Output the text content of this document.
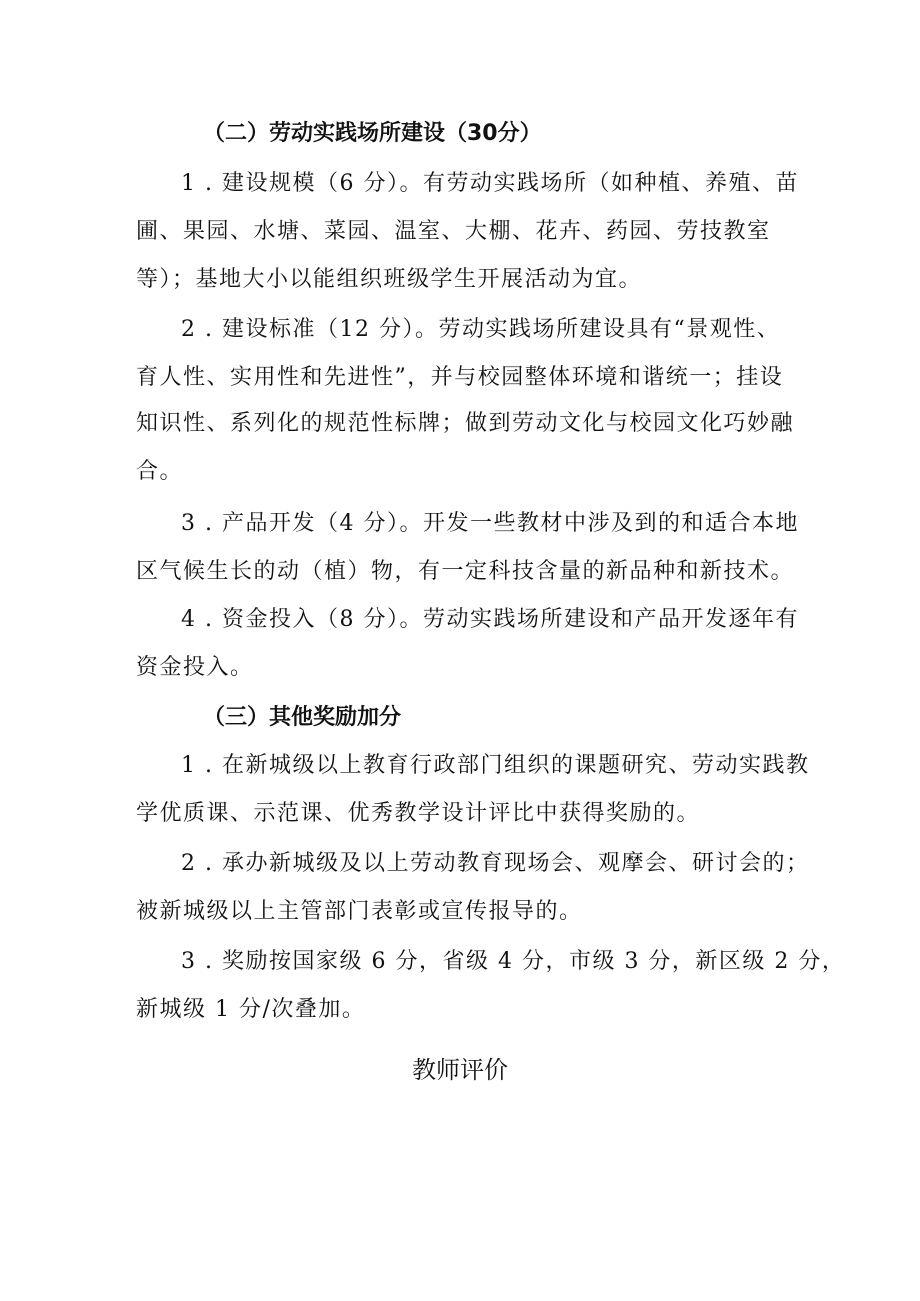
（二）劳动实践场所建设（30分）
1 . 建设规模（6 分）。有劳动实践场所（如种植、养殖、苗
圃、果园、水塘、菜园、温室、大棚、花卉、药园、劳技教室
等）；基地大小以能组织班级学生开展活动为宜。
2 . 建设标准（12 分）。劳动实践场所建设具有“景观性、
育人性、实用性和先进性”，并与校园整体环境和谐统一；挂设
知识性、系列化的规范性标牌；做到劳动文化与校园文化巧妙融
合。
3 . 产品开发（4 分）。开发一些教材中涉及到的和适合本地
区气候生长的动（植）物，有一定科技含量的新品种和新技术。
4 . 资金投入（8 分）。劳动实践场所建设和产品开发逐年有
资金投入。
（三）其他奖励加分
1 . 在新城级以上教育行政部门组织的课题研究、劳动实践教
学优质课、示范课、优秀教学设计评比中获得奖励的。
2 . 承办新城级及以上劳动教育现场会、观摩会、研讨会的；
被新城级以上主管部门表彰或宣传报导的。
3 . 奖励按国家级 6 分，省级 4 分，市级 3 分，新区级 2 分，
新城级 1 分/次叠加。
教师评价
